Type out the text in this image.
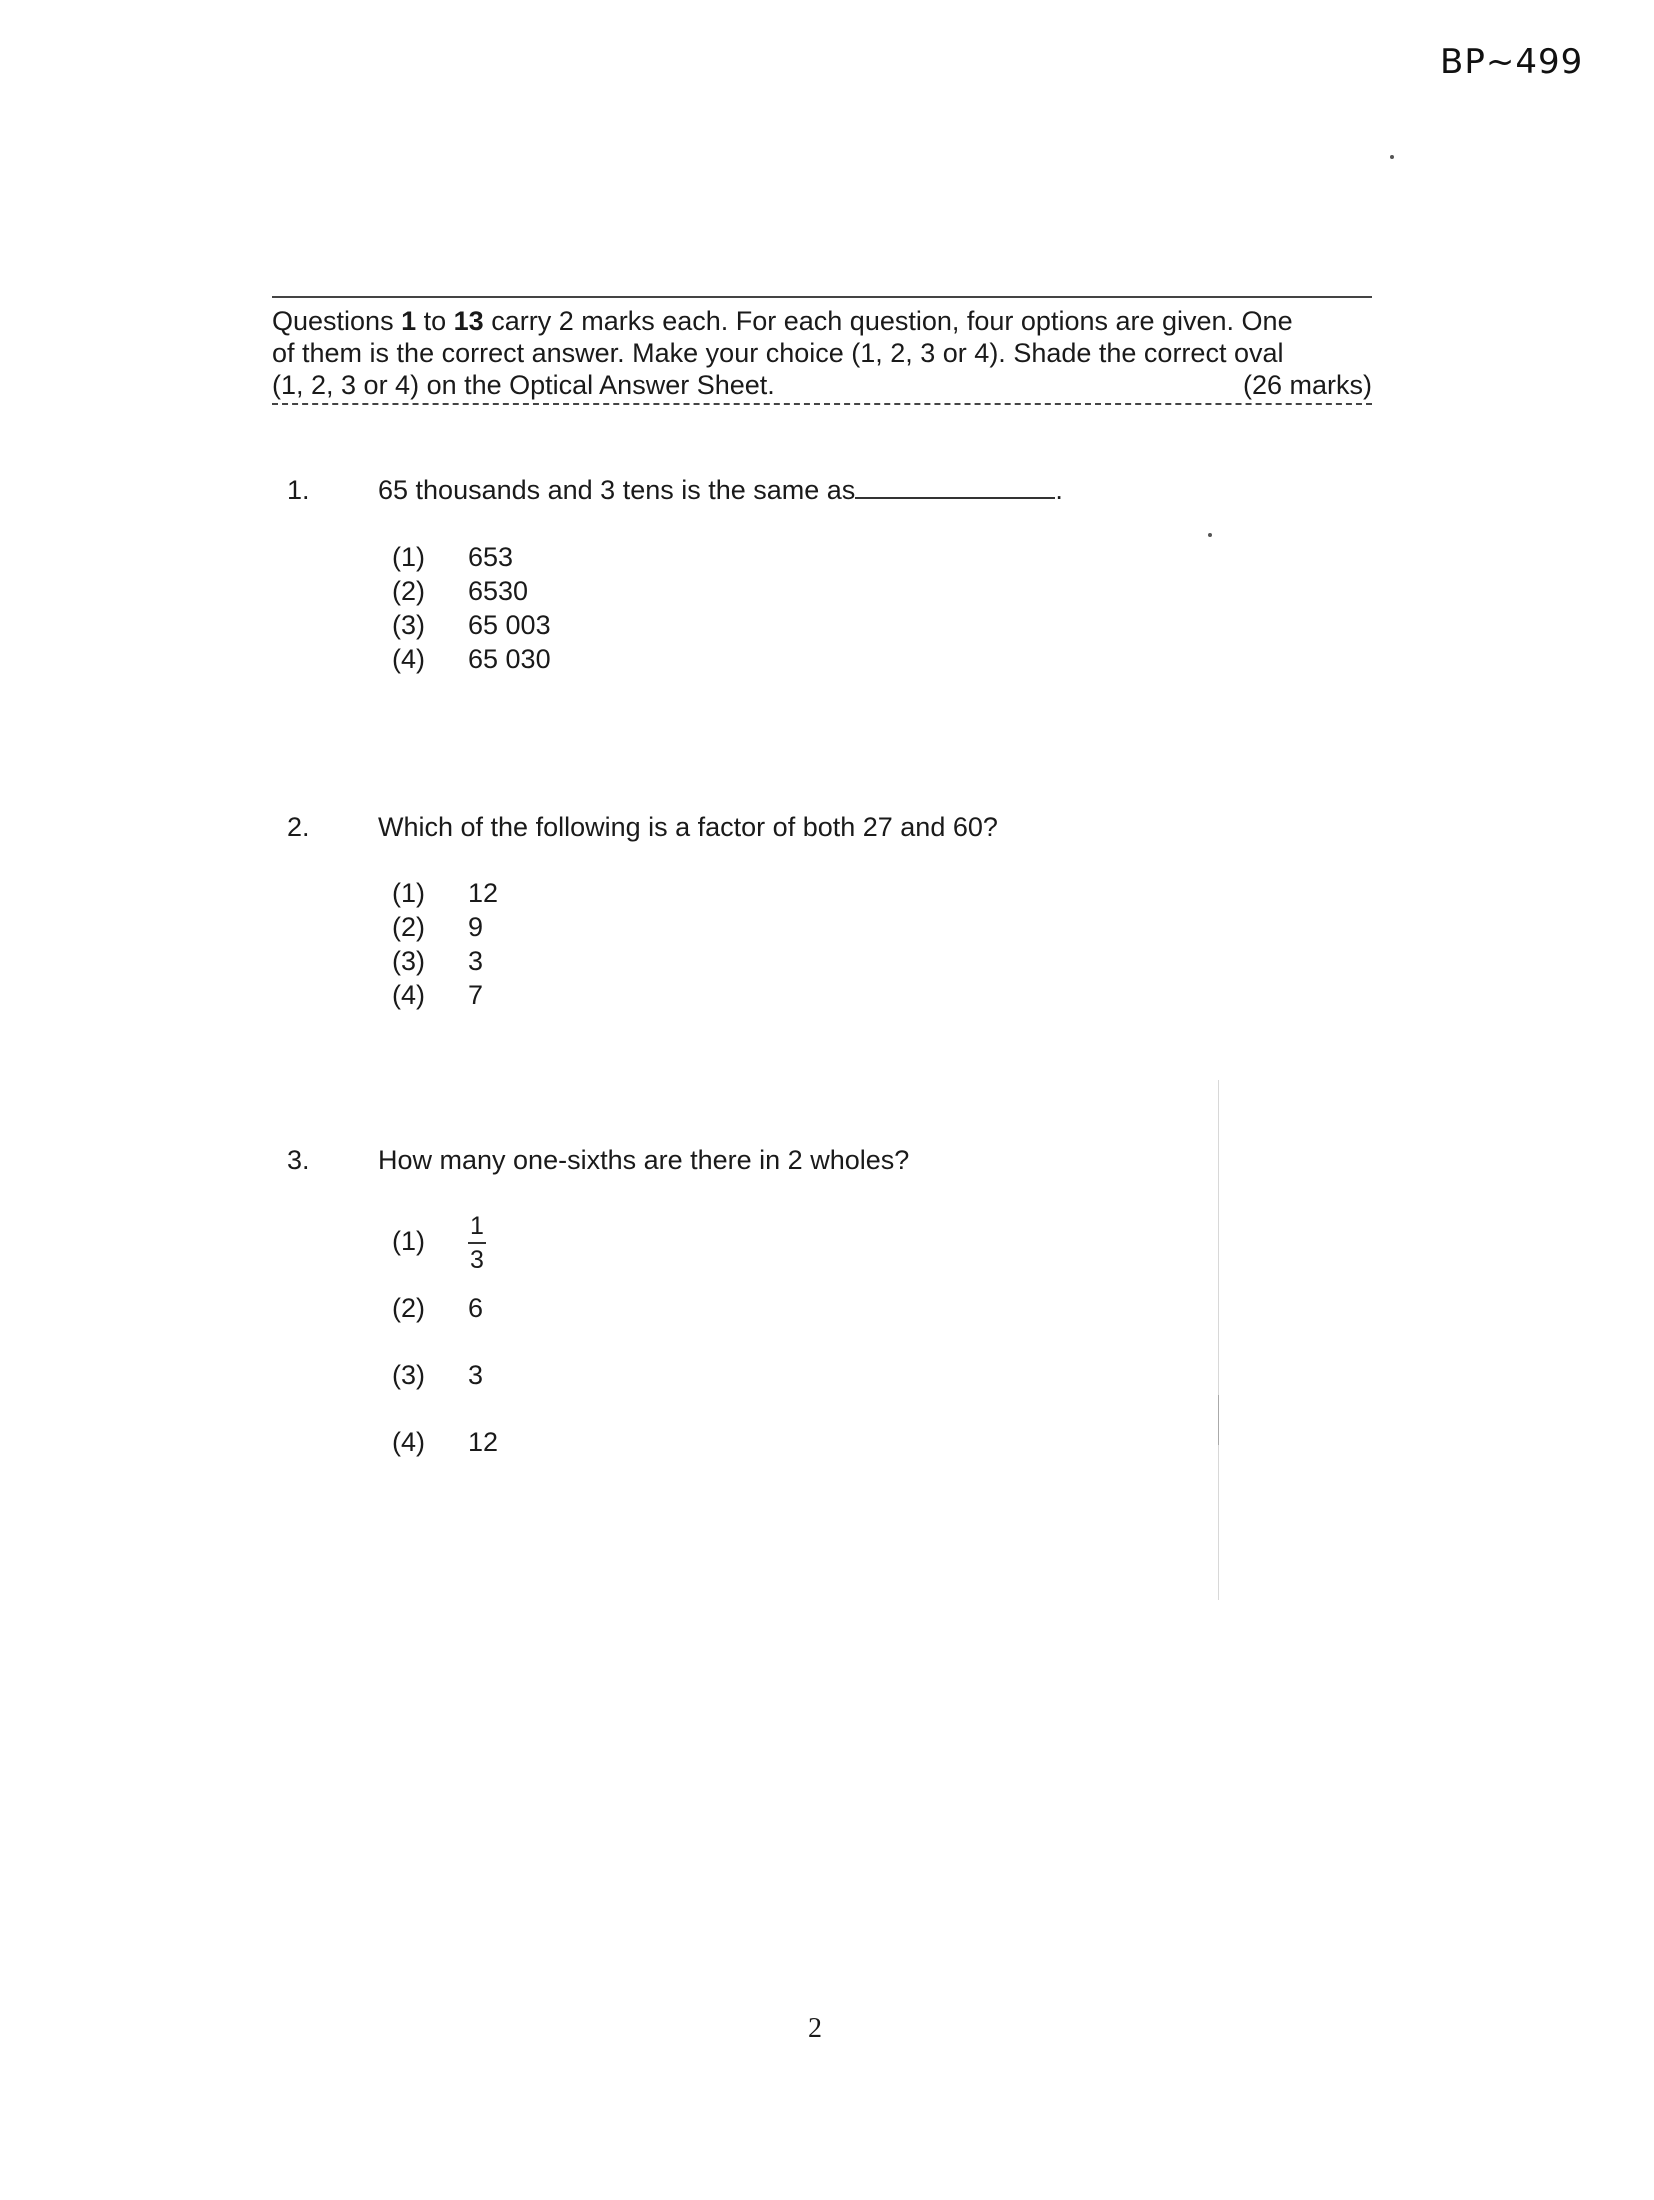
BP~499
Questions 1 to 13 carry 2 marks each. For each question, four options are given. One
of them is the correct answer. Make your choice (1, 2, 3 or 4). Shade the correct oval
(1, 2, 3 or 4) on the Optical Answer Sheet.	(26 marks)
1.	65 thousands and 3 tens is the same as	.
(1) 653
(2) 6530
(3) 65 003
(4) 65 030
2.	Which of the following is a factor of both 27 and 60?
(1) 12
(2) 9
(3) 3
(4) 7
3.	How many one-sixths are there in 2 wholes?
$(1) \frac{1}{3}$
(2) 6
(3) 3
(4) 12
2
